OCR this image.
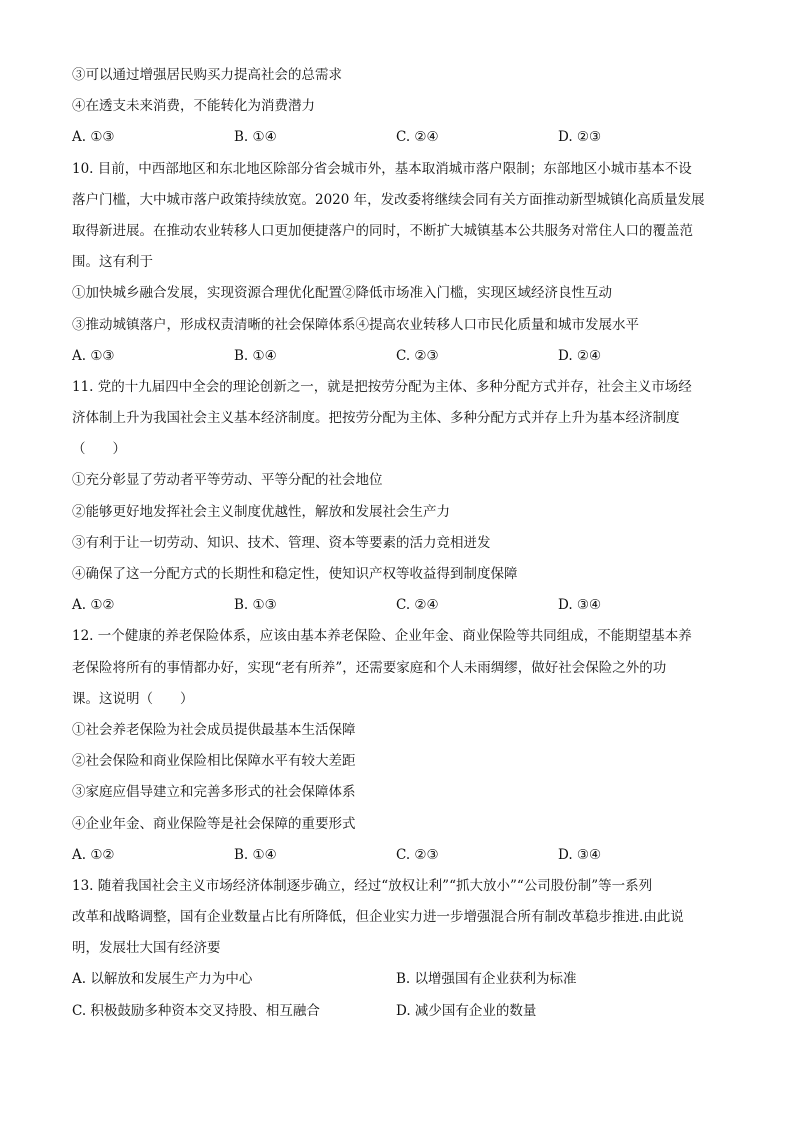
③可以通过增强居民购买力提高社会的总需求
④在透支未来消费，不能转化为消费潜力
A. ①③	B. ①④	C. ②④	D. ②③
10. 目前，中西部地区和东北地区除部分省会城市外，基本取消城市落户限制；东部地区小城市基本不设
落户门槛，大中城市落户政策持续放宽。2020 年，发改委将继续会同有关方面推动新型城镇化高质量发展
取得新进展。在推动农业转移人口更加便捷落户的同时，不断扩大城镇基本公共服务对常住人口的覆盖范
围。这有利于
①加快城乡融合发展，实现资源合理优化配置②降低市场准入门槛，实现区域经济良性互动
③推动城镇落户，形成权责清晰的社会保障体系④提高农业转移人口市民化质量和城市发展水平
A. ①③	B. ①④	C. ②③	D. ②④
11. 党的十九届四中全会的理论创新之一，就是把按劳分配为主体、多种分配方式并存，社会主义市场经
济体制上升为我国社会主义基本经济制度。把按劳分配为主体、多种分配方式并存上升为基本经济制度
（　　）
①充分彰显了劳动者平等劳动、平等分配的社会地位
②能够更好地发挥社会主义制度优越性，解放和发展社会生产力
③有利于让一切劳动、知识、技术、管理、资本等要素的活力竞相迸发
④确保了这一分配方式的长期性和稳定性，使知识产权等收益得到制度保障
A. ①②	B. ①③	C. ②④	D. ③④
12. 一个健康的养老保险体系，应该由基本养老保险、企业年金、商业保险等共同组成，不能期望基本养
老保险将所有的事情都办好，实现“老有所养”，还需要家庭和个人未雨绸缪，做好社会保险之外的功
课。这说明（　　）
①社会养老保险为社会成员提供最基本生活保障
②社会保险和商业保险相比保障水平有较大差距
③家庭应倡导建立和完善多形式的社会保障体系
④企业年金、商业保险等是社会保障的重要形式
A. ①②	B. ①④	C. ②③	D. ③④
13. 随着我国社会主义市场经济体制逐步确立，经过“放权让利”“抓大放小”“公司股份制”等一系列
改革和战略调整，国有企业数量占比有所降低，但企业实力进一步增强混合所有制改革稳步推进.由此说
明，发展壮大国有经济要
A. 以解放和发展生产力为中心	B. 以增强国有企业获利为标准
C. 积极鼓励多种资本交叉持股、相互融合	D. 减少国有企业的数量
